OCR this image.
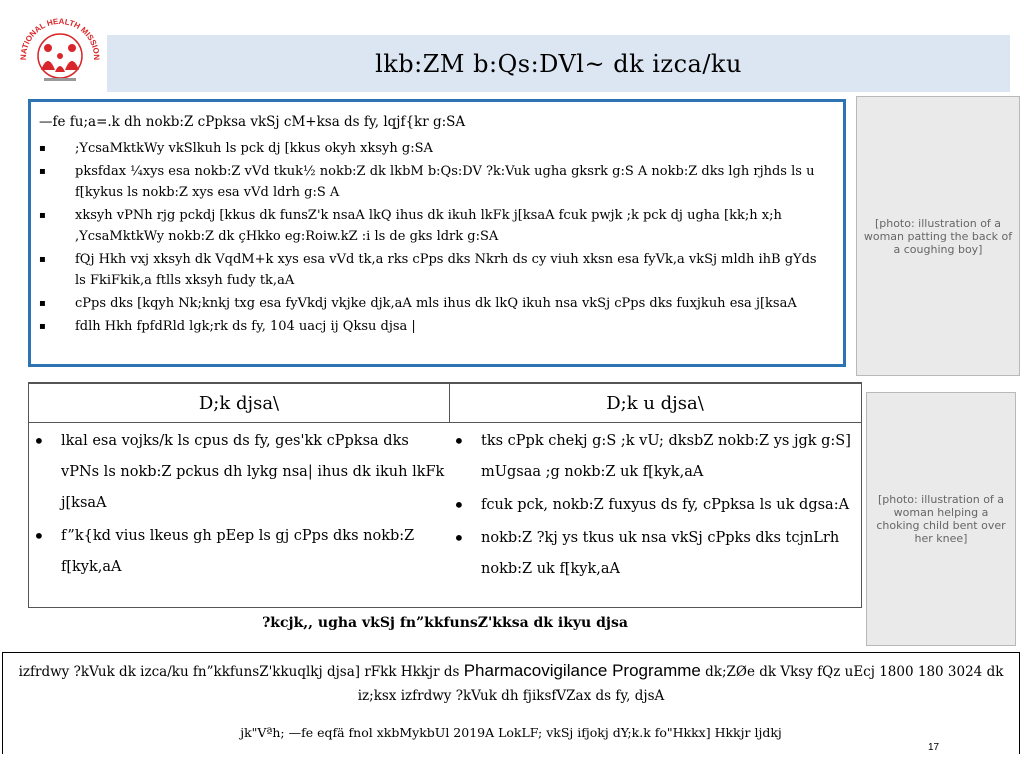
NATIONAL HEALTH MISSION	lkb:ZM b:Qs:DVl~ dk izca/ku
—fe fu;a=.k dh nokb:Z cPpksa vkSj cM+ksa ds fy, lqjf{kr g:SA
▪ ;YcsaMktkWy vkSlkuh ls pck dj [kkus okyh xksyh g:SA
▪ pksfdax ¼xys esa nokb:Z vVd tkuk½ nokb:Z dk lkbM b:Qs:DV ?k:Vuk ugha gksrk g:S A nokb:Z dks lgh rjhds ls u f[kykus ls nokb:Z xys esa vVd ldrh g:S A
▪ xksyh vPNh rjg pckdj [kkus dk funsZ'k nsaA lkQ ihus dk ikuh lkFk j[ksaA fcuk pwjk ;k pck dj ugha [kk;h x;h ,YcsaMktkWy nokb:Z dk çHkko eg:Roiw.kZ :i ls de gks ldrk g:SA
▪ fQj Hkh vxj xksyh dk VqdM+k xys esa vVd tk,a rks cPps dks Nkrh ds cy viuh xksn esa fyVk,a vkSj mldh ihB gYds ls FkiFkik,a ftlls xksyh fudy tk,aA
▪ cPps dks [kqyh Nk;knkj txg esa fyVkdj vkjke djk,aA mls ihus dk lkQ ikuh nsa vkSj cPps dks fuxjkuh esa j[ksaA
▪ fdlh Hkh fpfdRld lgk;rk ds fy, 104 uacj ij Qksu djsa |
[photo: illustration of a woman patting the back of a coughing boy]
[photo: illustration of a woman helping a choking child bent over her knee]
D;k djsa\	D;k u djsa\
• lkal esa vojks/k ls cpus ds fy, ges'kk cPpksa dks vPNs ls nokb:Z pckus dh lykg nsa| ihus dk ikuh lkFk j[ksaA
• f”k{kd vius lkeus gh pEep ls gj cPps dks nokb:Z f[kyk,aA
• tks cPpk chekj g:S ;k vU; dksbZ nokb:Z ys jgk g:S] mUgsaa ;g nokb:Z uk f[kyk,aA
• fcuk pck, nokb:Z fuxyus ds fy, cPpksa ls uk dgsa:A
• nokb:Z ?kj ys tkus uk nsa vkSj cPpks dks tcjnLrh nokb:Z uk f[kyk,aA
?kcjk,, ugha vkSj fn”kkfunsZ'kksa dk ikyu djsa
izfrdwy ?kVuk dk izca/ku fn”kkfunsZ'kkuqlkj djsa] rFkk Hkkjr ds Pharmacovigilance Programme dk;ZØe dk Vksy fQz uEcj 1800 180 3024 dk iz;ksx izfrdwy ?kVuk dh fjiksfVZax ds fy, djsA
jk"Vªh; —fe eqfä fnol xkbMykbUl 2019A LokLF; vkSj ifjokj dY;k.k fo"Hkkx] Hkkjr ljdkj
17
